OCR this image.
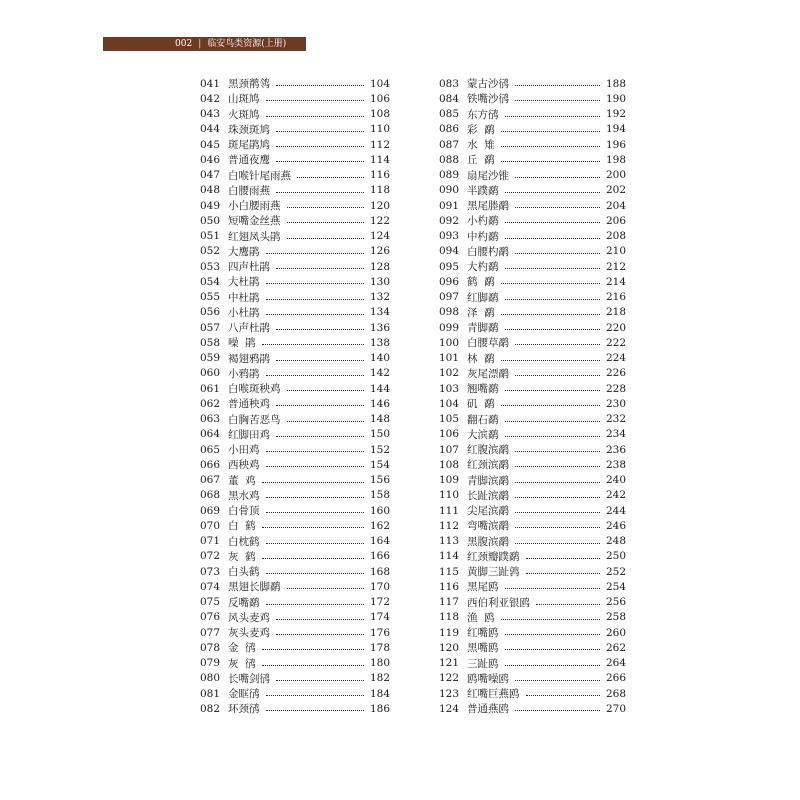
002 | 临安鸟类资源(上册)
041 黑颈鹡鸰	104
042 山斑鸠	106
043 火斑鸠	108
044 珠颈斑鸠	110
045 斑尾鹃鸠	112
046 普通夜鹰	114
047 白喉针尾雨燕	116
048 白腰雨燕	118
049 小白腰雨燕	120
050 短嘴金丝燕	122
051 红翅凤头鹃	124
052 大鹰鹃	126
053 四声杜鹃	128
054 大杜鹃	130
055 中杜鹃	132
056 小杜鹃	134
057 八声杜鹃	136
058 噪  鹃	138
059 褐翅鸦鹃	140
060 小鸦鹃	142
061 白喉斑秧鸡	144
062 普通秧鸡	146
063 白胸苦恶鸟	148
064 红脚田鸡	150
065 小田鸡	152
066 西秧鸡	154
067 董  鸡	156
068 黑水鸡	158
069 白骨顶	160
070 白  鹤	162
071 白枕鹤	164
072 灰  鹤	166
073 白头鹤	168
074 黑翅长脚鹬	170
075 反嘴鹬	172
076 风头麦鸡	174
077 灰头麦鸡	176
078 金  鸻	178
079 灰  鸻	180
080 长嘴剑鸻	182
081 金眶鸻	184
082 环颈鸻	186
083 蒙古沙鸻	188
084 铁嘴沙鸻	190
085 东方鸻	192
086 彩  鹬	194
087 水  雉	196
088 丘  鹬	198
089 扇尾沙锥	200
090 半蹼鹬	202
091 黑尾塍鹬	204
092 小杓鹬	206
093 中杓鹬	208
094 白腰杓鹬	210
095 大杓鹬	212
096 鹤  鹬	214
097 红脚鹬	216
098 泽  鹬	218
099 青脚鹬	220
100 白腰草鹬	222
101 林  鹬	224
102 灰尾漂鹬	226
103 翘嘴鹬	228
104 矶  鹬	230
105 翻石鹬	232
106 大滨鹬	234
107 红腹滨鹬	236
108 红颈滨鹬	238
109 青脚滨鹬	240
110 长趾滨鹬	242
111 尖尾滨鹬	244
112 弯嘴滨鹬	246
113 黑腹滨鹬	248
114 红颈瓣蹼鹬	250
115 黄脚三趾鹑	252
116 黑尾鸥	254
117 西伯利亚银鸥	256
118 渔  鸥	258
119 红嘴鸥	260
120 黑嘴鸥	262
121 三趾鸥	264
122 鸥嘴噪鸥	266
123 红嘴巨燕鸥	268
124 普通燕鸥	270
